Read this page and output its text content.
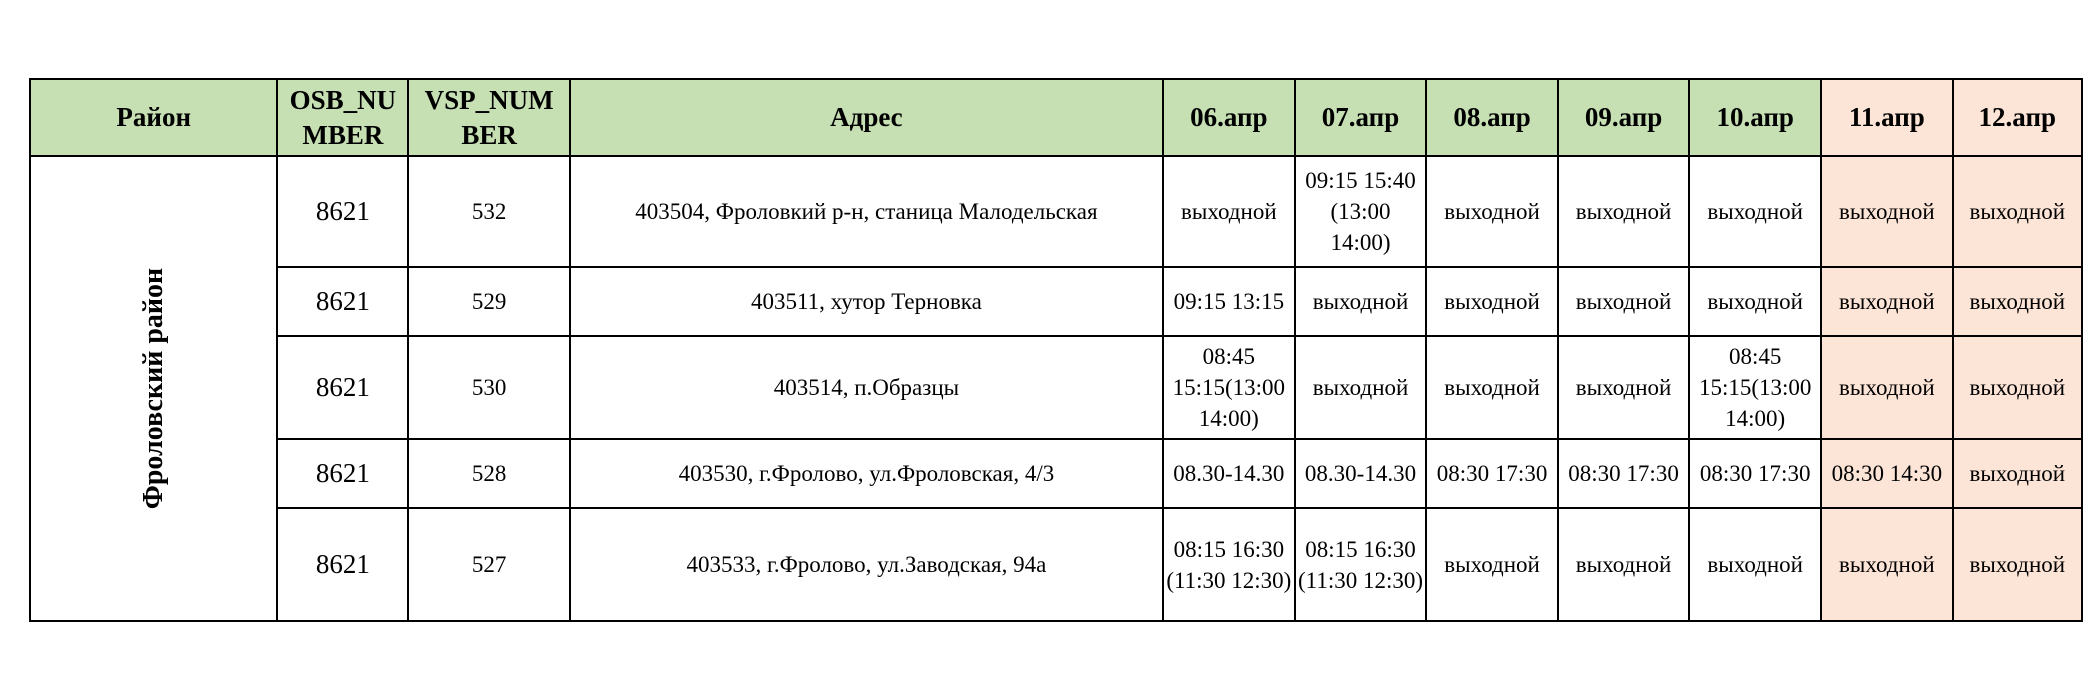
Район	OSB_NU MBER	VSP_NUM BER	Адрес	06.апр	07.апр	08.апр	09.апр	10.апр	11.апр	12.апр
Фроловский район	8621	532	403504, Фроловкий р-н, станица Малодельская	выходной	09:15 15:40 (13:00 14:00)	выходной	выходной	выходной	выходной	выходной
	8621	529	403511, хутор Терновка	09:15 13:15	выходной	выходной	выходной	выходной	выходной	выходной
	8621	530	403514, п.Образцы	08:45 15:15(13:00 14:00)	выходной	выходной	выходной	08:45 15:15(13:00 14:00)	выходной	выходной
	8621	528	403530, г.Фролово, ул.Фроловская, 4/3	08.30-14.30	08.30-14.30	08:30 17:30	08:30 17:30	08:30 17:30	08:30 14:30	выходной
	8621	527	403533, г.Фролово, ул.Заводская, 94а	08:15 16:30 (11:30 12:30)	08:15 16:30 (11:30 12:30)	выходной	выходной	выходной	выходной	выходной
